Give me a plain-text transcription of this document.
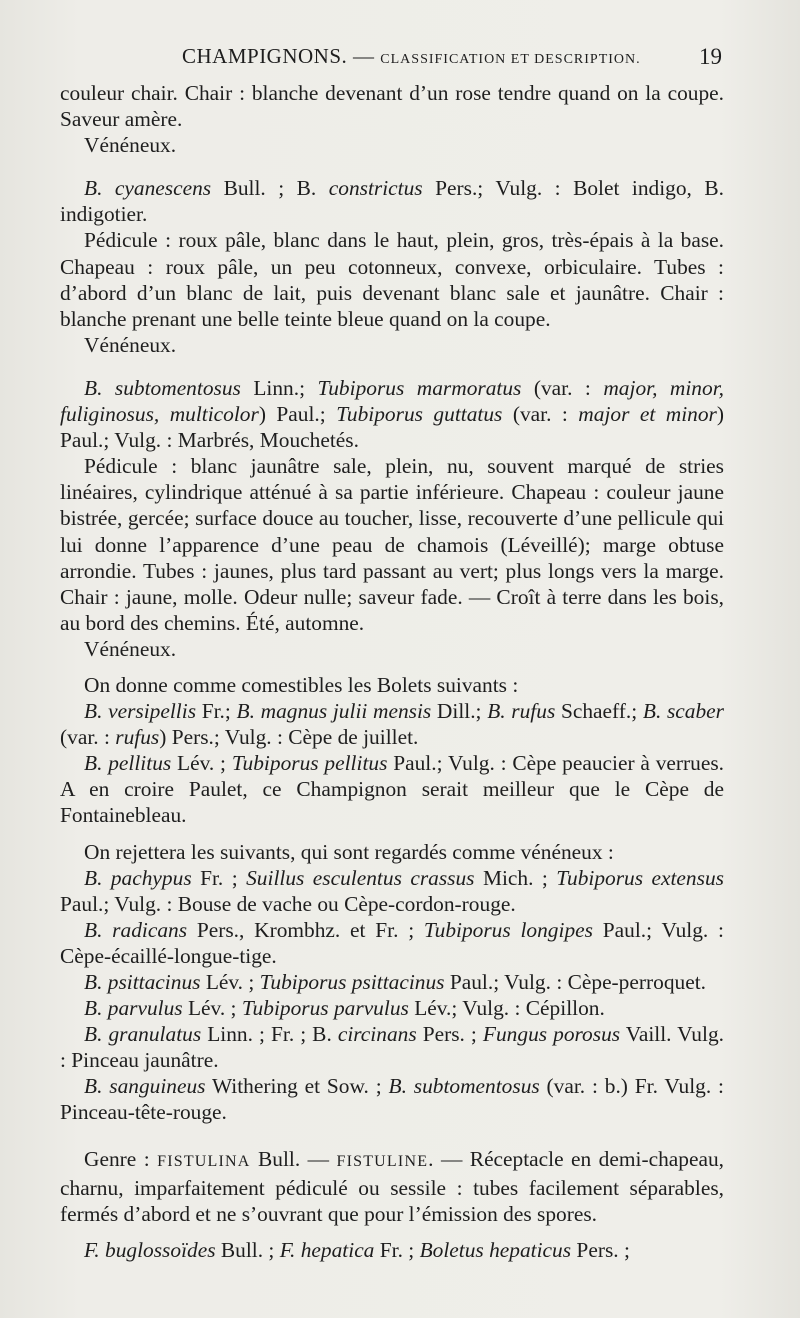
CHAMPIGNONS. — CLASSIFICATION ET DESCRIPTION.	19

couleur chair. Chair : blanche devenant d’un rose tendre quand on la coupe. Saveur amère.

Vénéneux.

B. cyanescens Bull. ; B. constrictus Pers.; Vulg. : Bolet indigo, B. indigotier.

Pédicule : roux pâle, blanc dans le haut, plein, gros, très-épais à la base. Chapeau : roux pâle, un peu cotonneux, convexe, orbiculaire. Tubes : d’abord d’un blanc de lait, puis devenant blanc sale et jaunâtre. Chair : blanche prenant une belle teinte bleue quand on la coupe.

Vénéneux.

B. subtomentosus Linn.; Tubiporus marmoratus (var. : major, minor, fuliginosus, multicolor) Paul.; Tubiporus guttatus (var. : major et minor) Paul.; Vulg. : Marbrés, Mouchetés.

Pédicule : blanc jaunâtre sale, plein, nu, souvent marqué de stries linéaires, cylindrique atténué à sa partie inférieure. Chapeau : couleur jaune bistrée, gercée; surface douce au toucher, lisse, recouverte d’une pellicule qui lui donne l’apparence d’une peau de chamois (Léveillé); marge obtuse arrondie. Tubes : jaunes, plus tard passant au vert; plus longs vers la marge. Chair : jaune, molle. Odeur nulle; saveur fade. — Croît à terre dans les bois, au bord des chemins. Été, automne.

Vénéneux.

On donne comme comestibles les Bolets suivants :

B. versipellis Fr.; B. magnus julii mensis Dill.; B. rufus Schaeff.; B. scaber (var. : rufus) Pers.; Vulg. : Cèpe de juillet.

B. pellitus Lév. ; Tubiporus pellitus Paul.; Vulg. : Cèpe peaucier à verrues. A en croire Paulet, ce Champignon serait meilleur que le Cèpe de Fontainebleau.

On rejettera les suivants, qui sont regardés comme vénéneux :

B. pachypus Fr. ; Suillus esculentus crassus Mich. ; Tubiporus extensus Paul.; Vulg. : Bouse de vache ou Cèpe-cordon-rouge.

B. radicans Pers., Krombhz. et Fr. ; Tubiporus longipes Paul.; Vulg. : Cèpe-écaillé-longue-tige.

B. psittacinus Lév. ; Tubiporus psittacinus Paul.; Vulg. : Cèpe-perroquet.

B. parvulus Lév. ; Tubiporus parvulus Lév.; Vulg. : Cépillon.

B. granulatus Linn. ; Fr. ; B. circinans Pers. ; Fungus porosus Vaill. Vulg. : Pinceau jaunâtre.

B. sanguineus Withering et Sow. ; B. subtomentosus (var. : b.) Fr. Vulg. : Pinceau-tête-rouge.

Genre : FISTULINA Bull. — FISTULINE. — Réceptacle en demi-chapeau, charnu, imparfaitement pédiculé ou sessile : tubes facilement séparables, fermés d’abord et ne s’ouvrant que pour l’émission des spores.

F. buglossoïdes Bull. ; F. hepatica Fr. ; Boletus hepaticus Pers. ;
